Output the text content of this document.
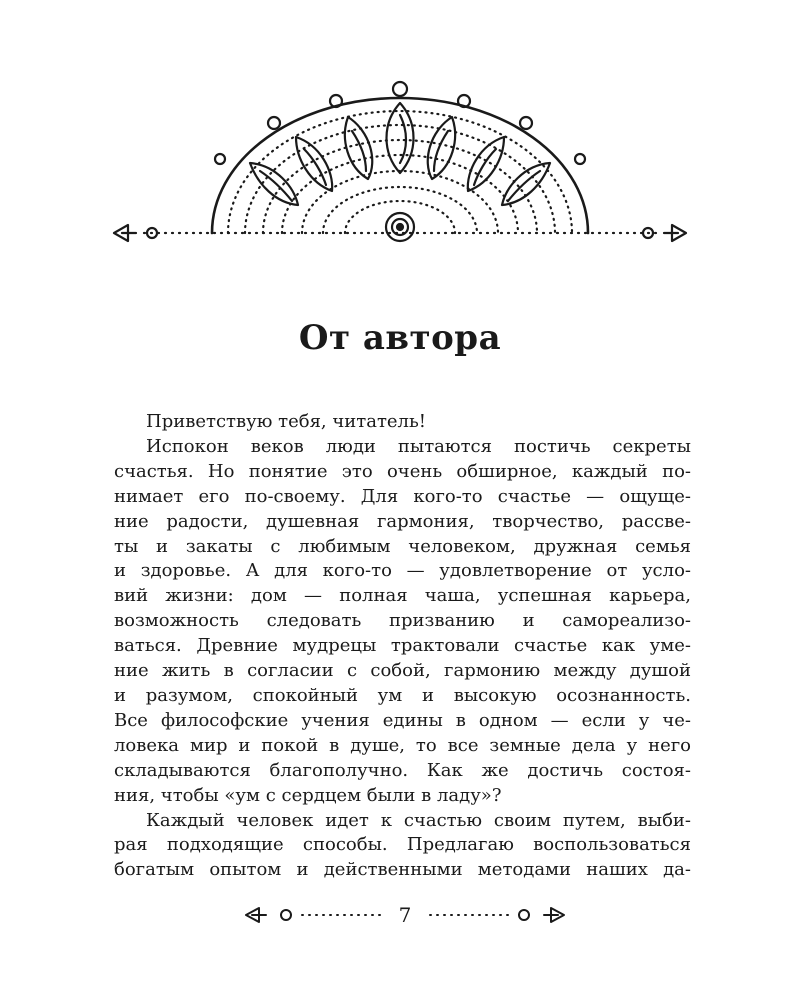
От автора

Приветствую тебя, читатель!

Испокон веков люди пытаются постичь секреты
счастья. Но понятие это очень обширное, каждый по-
нимает его по-своему. Для кого-то счастье — ощуще-
ние радости, душевная гармония, творчество, рассве-
ты и закаты с любимым человеком, дружная семья
и здоровье. А для кого-то — удовлетворение от усло-
вий жизни: дом — полная чаша, успешная карьера,
возможность следовать призванию и самореализо-
ваться. Древние мудрецы трактовали счастье как уме-
ние жить в согласии с собой, гармонию между душой
и разумом, спокойный ум и высокую осознанность.
Все философские учения едины в одном — если у че-
ловека мир и покой в душе, то все земные дела у него
складываются благополучно. Как же достичь состоя-
ния, чтобы «ум с сердцем были в ладу»?

Каждый человек идет к счастью своим путем, выби-
рая подходящие способы. Предлагаю воспользоваться
богатым опытом и действенными методами наших да-

7
